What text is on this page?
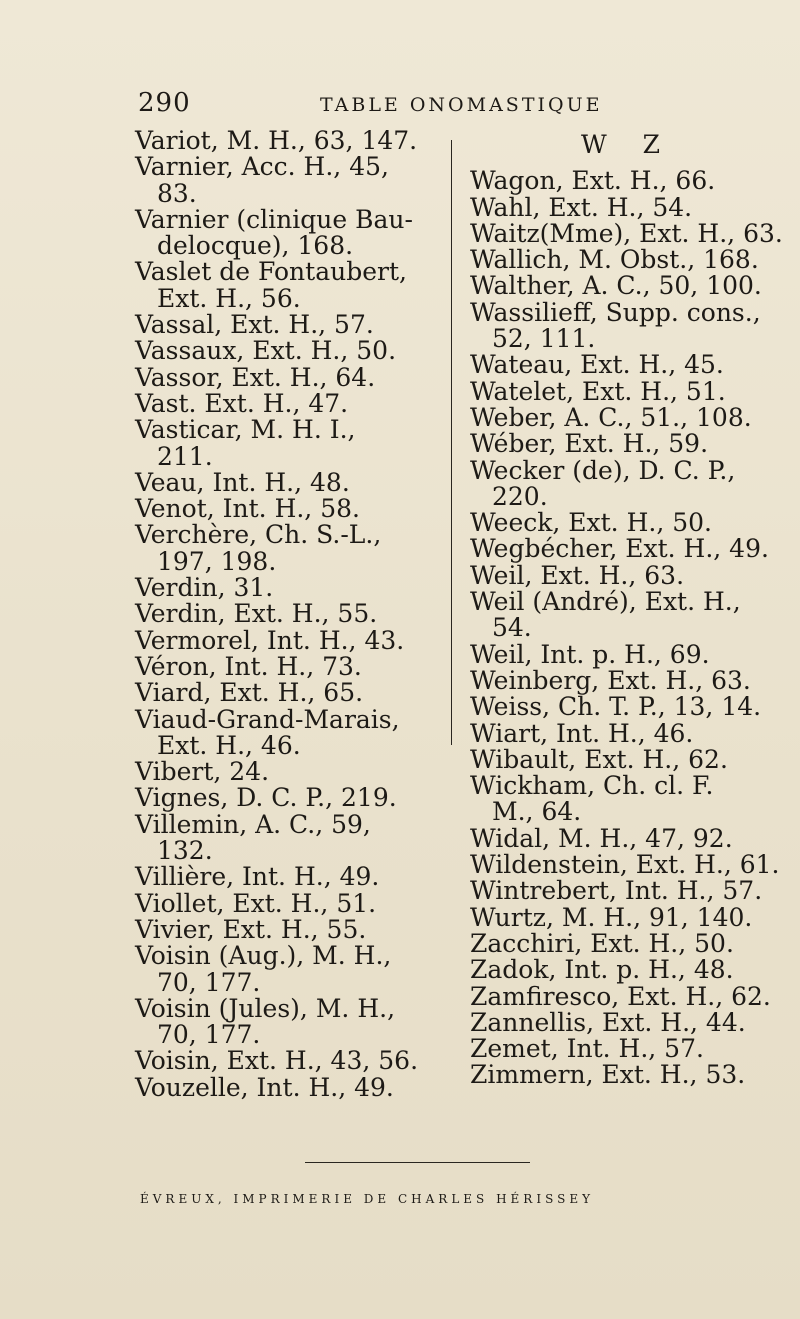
290	TABLE ONOMASTIQUE
Variot, M. H., 63, 147.
Varnier, Acc. H., 45,
83.
Varnier (clinique Bau-
delocque), 168.
Vaslet de Fontaubert,
Ext. H., 56.
Vassal, Ext. H., 57.
Vassaux, Ext. H., 50.
Vassor, Ext. H., 64.
Vast. Ext. H., 47.
Vasticar, M. H. I.,
211.
Veau, Int. H., 48.
Venot, Int. H., 58.
Verchère, Ch. S.-L.,
197, 198.
Verdin, 31.
Verdin, Ext. H., 55.
Vermorel, Int. H., 43.
Véron, Int. H., 73.
Viard, Ext. H., 65.
Viaud-Grand-Marais,
Ext. H., 46.
Vibert, 24.
Vignes, D. C. P., 219.
Villemin, A. C., 59,
132.
Villière, Int. H., 49.
Viollet, Ext. H., 51.
Vivier, Ext. H., 55.
Voisin (Aug.), M. H.,
70, 177.
Voisin (Jules), M. H.,
70, 177.
Voisin, Ext. H., 43, 56.
Vouzelle, Int. H., 49.
W Z
Wagon, Ext. H., 66.
Wahl, Ext. H., 54.
Waitz(Mme), Ext. H., 63.
Wallich, M. Obst., 168.
Walther, A. C., 50, 100.
Wassilieff, Supp. cons.,
52, 111.
Wateau, Ext. H., 45.
Watelet, Ext. H., 51.
Weber, A. C., 51., 108.
Wéber, Ext. H., 59.
Wecker (de), D. C. P.,
220.
Weeck, Ext. H., 50.
Wegbécher, Ext. H., 49.
Weil, Ext. H., 63.
Weil (André), Ext. H.,
54.
Weil, Int. p. H., 69.
Weinberg, Ext. H., 63.
Weiss, Ch. T. P., 13, 14.
Wiart, Int. H., 46.
Wibault, Ext. H., 62.
Wickham, Ch. cl. F.
M., 64.
Widal, M. H., 47, 92.
Wildenstein, Ext. H., 61.
Wintrebert, Int. H., 57.
Wurtz, M. H., 91, 140.
Zacchiri, Ext. H., 50.
Zadok, Int. p. H., 48.
Zamfiresco, Ext. H., 62.
Zannellis, Ext. H., 44.
Zemet, Int. H., 57.
Zimmern, Ext. H., 53.
ÉVREUX, IMPRIMERIE DE CHARLES HÉRISSEY
